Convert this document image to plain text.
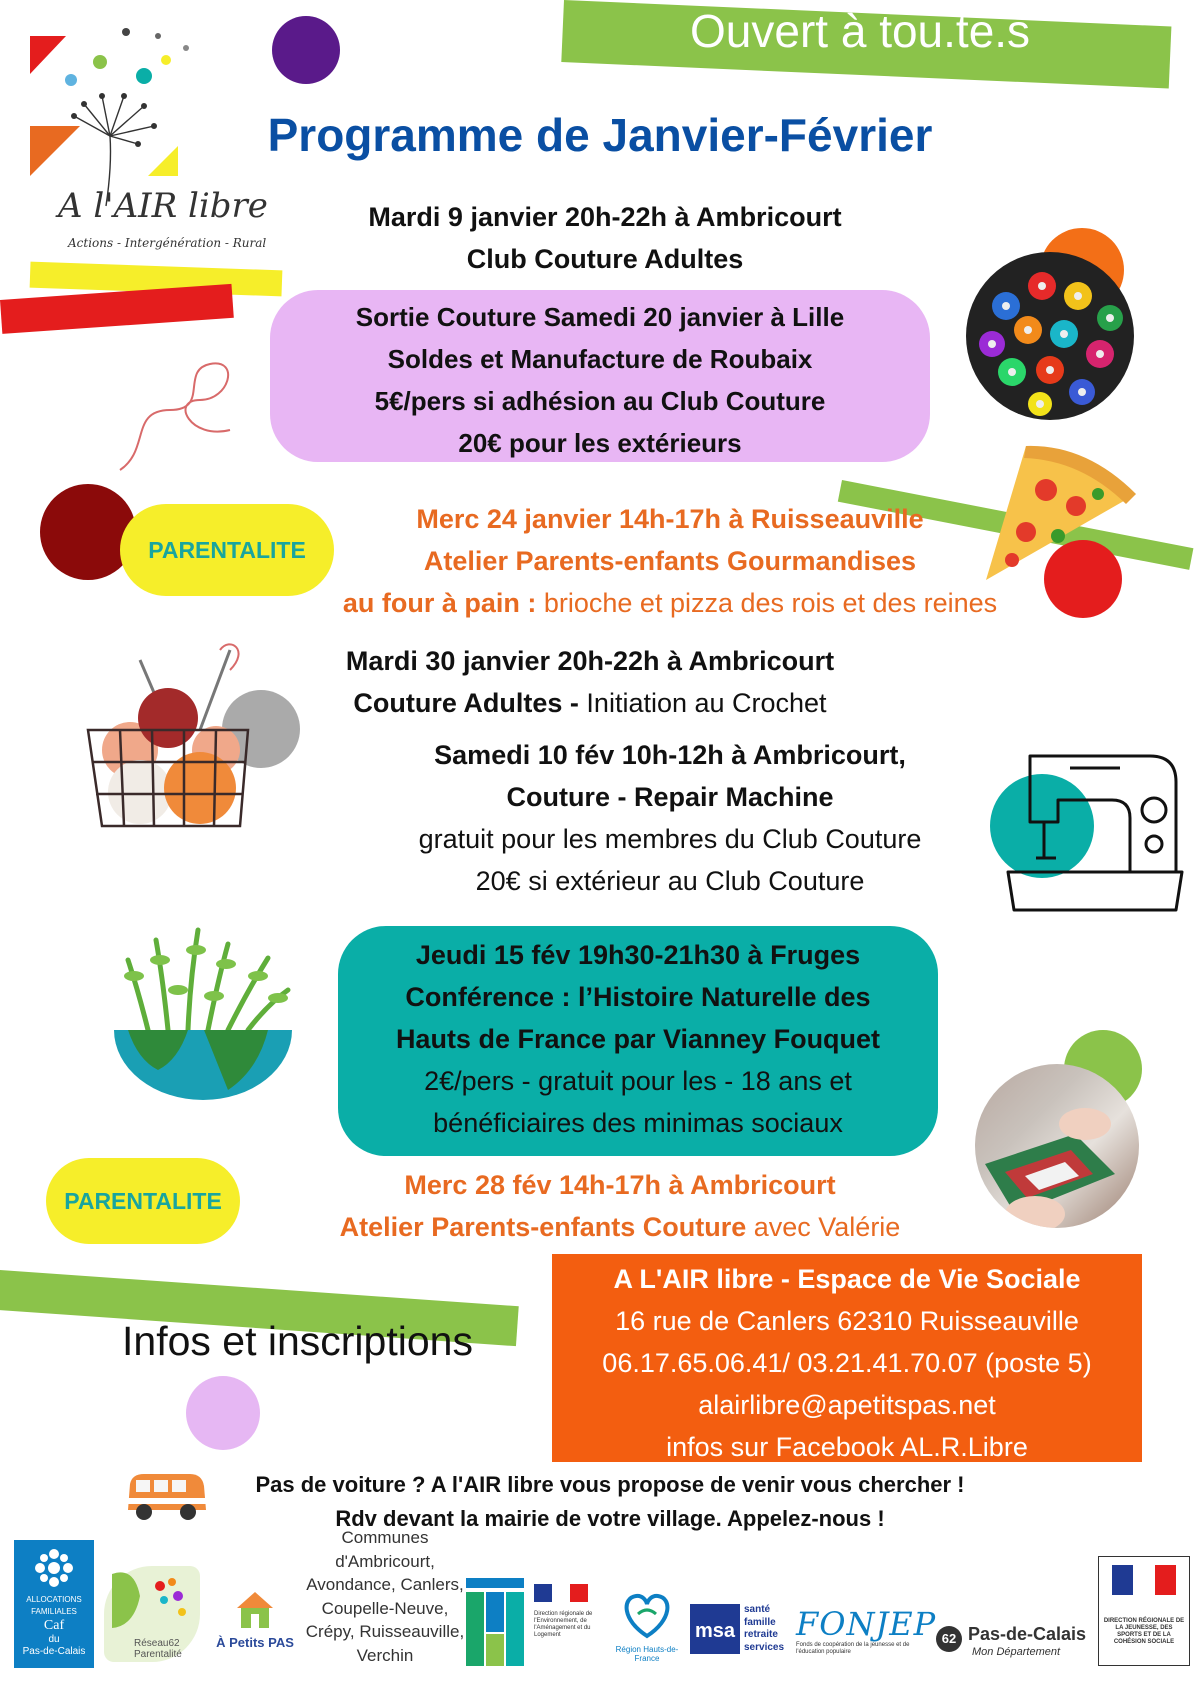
Ouvert à tou.te.s
A l'AIR libre
Actions - Intergénération - Rural
Programme de Janvier-Février
Mardi 9 janvier 20h-22h à Ambricourt
Club Couture Adultes
Sortie Couture Samedi 20 janvier à Lille
Soldes et Manufacture de Roubaix
5€/pers si adhésion au Club Couture
20€ pour les extérieurs
PARENTALITE
Merc 24 janvier 14h-17h à Ruisseauville
Atelier Parents-enfants Gourmandises
au four à pain : brioche et pizza des rois et des reines
Mardi 30 janvier 20h-22h à Ambricourt
Couture Adultes - Initiation au Crochet
Samedi 10 fév 10h-12h à Ambricourt,
Couture - Repair Machine
gratuit pour les membres du Club Couture
20€ si extérieur au Club Couture
Jeudi 15 fév 19h30-21h30 à Fruges
Conférence : l’Histoire Naturelle des
Hauts de France par Vianney Fouquet
2€/pers - gratuit pour les - 18 ans et
bénéficiaires des minimas sociaux
PARENTALITE
Merc 28 fév 14h-17h à Ambricourt
Atelier Parents-enfants Couture avec Valérie
Infos et inscriptions
A L'AIR libre - Espace de Vie Sociale
16 rue de Canlers 62310 Ruisseauville
06.17.65.06.41/ 03.21.41.70.07 (poste 5)
alairlibre@apetitspas.net
infos sur Facebook AL.R.Libre
Pas de voiture ? A l'AIR libre vous propose de venir vous chercher !
Rdv devant la mairie de votre village. Appelez-nous !
ALLOCATIONS
FAMILIALES
Caf
du
Pas-de-Calais
Réseau62 Parentalité
À Petits PAS
Communes
d'Ambricourt,
Avondance, Canlers,
Coupelle-Neuve,
Crépy, Ruisseauville,
Verchin
Direction régionale de l'Environnement, de l'Aménagement et du Logement
Région Hauts-de-France
msa
santé
famille
retraite
services
FONJEP
Fonds de coopération de la jeunesse et de l'éducation populaire
62 Pas-de-Calais
Mon Département
DIRECTION RÉGIONALE DE LA JEUNESSE, DES SPORTS ET DE LA COHÉSION SOCIALE
